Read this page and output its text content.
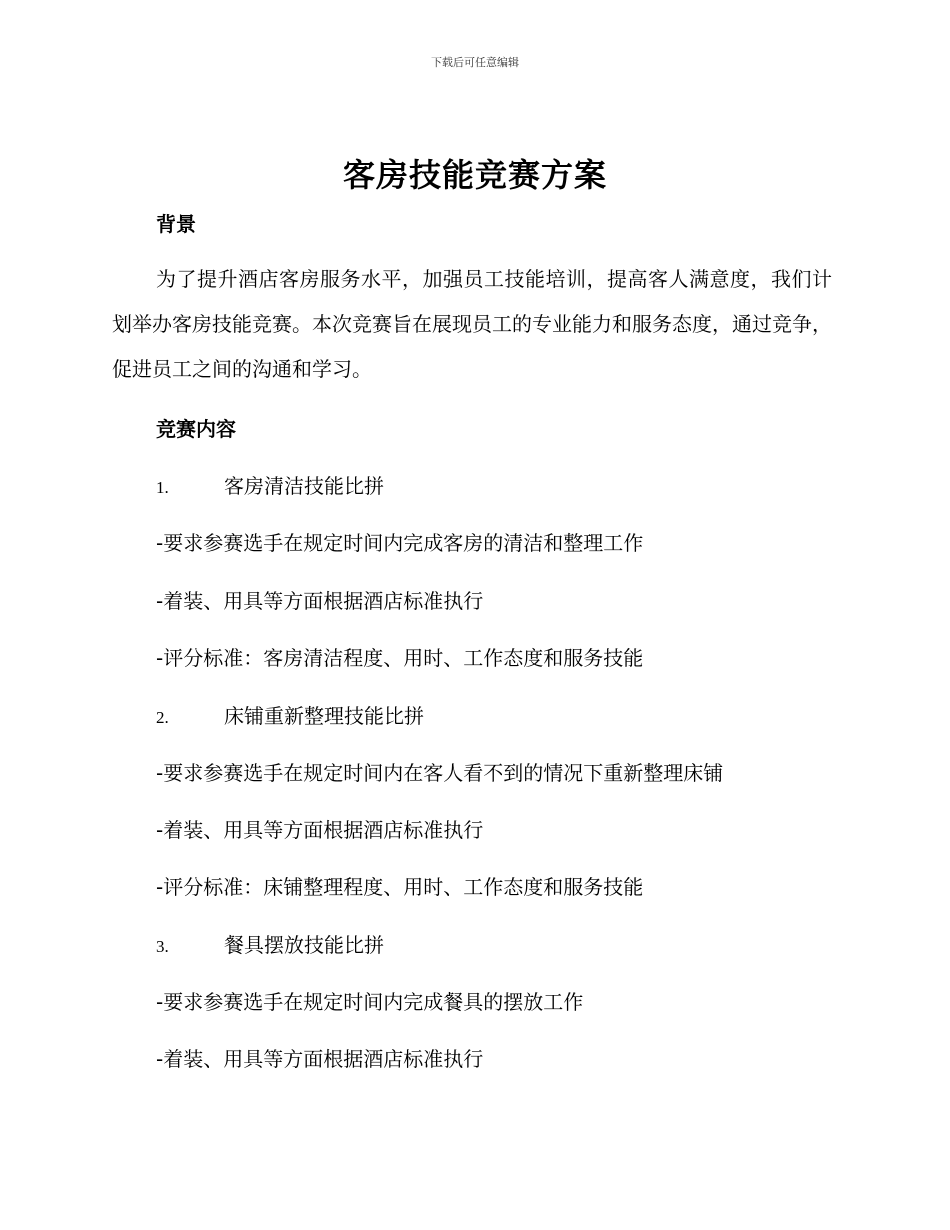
下载后可任意编辑
客房技能竞赛方案
背景
为了提升酒店客房服务水平，加强员工技能培训，提高客人满意度，我们计划举办客房技能竞赛。本次竞赛旨在展现员工的专业能力和服务态度，通过竞争，促进员工之间的沟通和学习。
竞赛内容
1.	客房清洁技能比拼
-要求参赛选手在规定时间内完成客房的清洁和整理工作
-着装、用具等方面根据酒店标准执行
-评分标准：客房清洁程度、用时、工作态度和服务技能
2.	床铺重新整理技能比拼
-要求参赛选手在规定时间内在客人看不到的情况下重新整理床铺
-着装、用具等方面根据酒店标准执行
-评分标准：床铺整理程度、用时、工作态度和服务技能
3.	餐具摆放技能比拼
-要求参赛选手在规定时间内完成餐具的摆放工作
-着装、用具等方面根据酒店标准执行
